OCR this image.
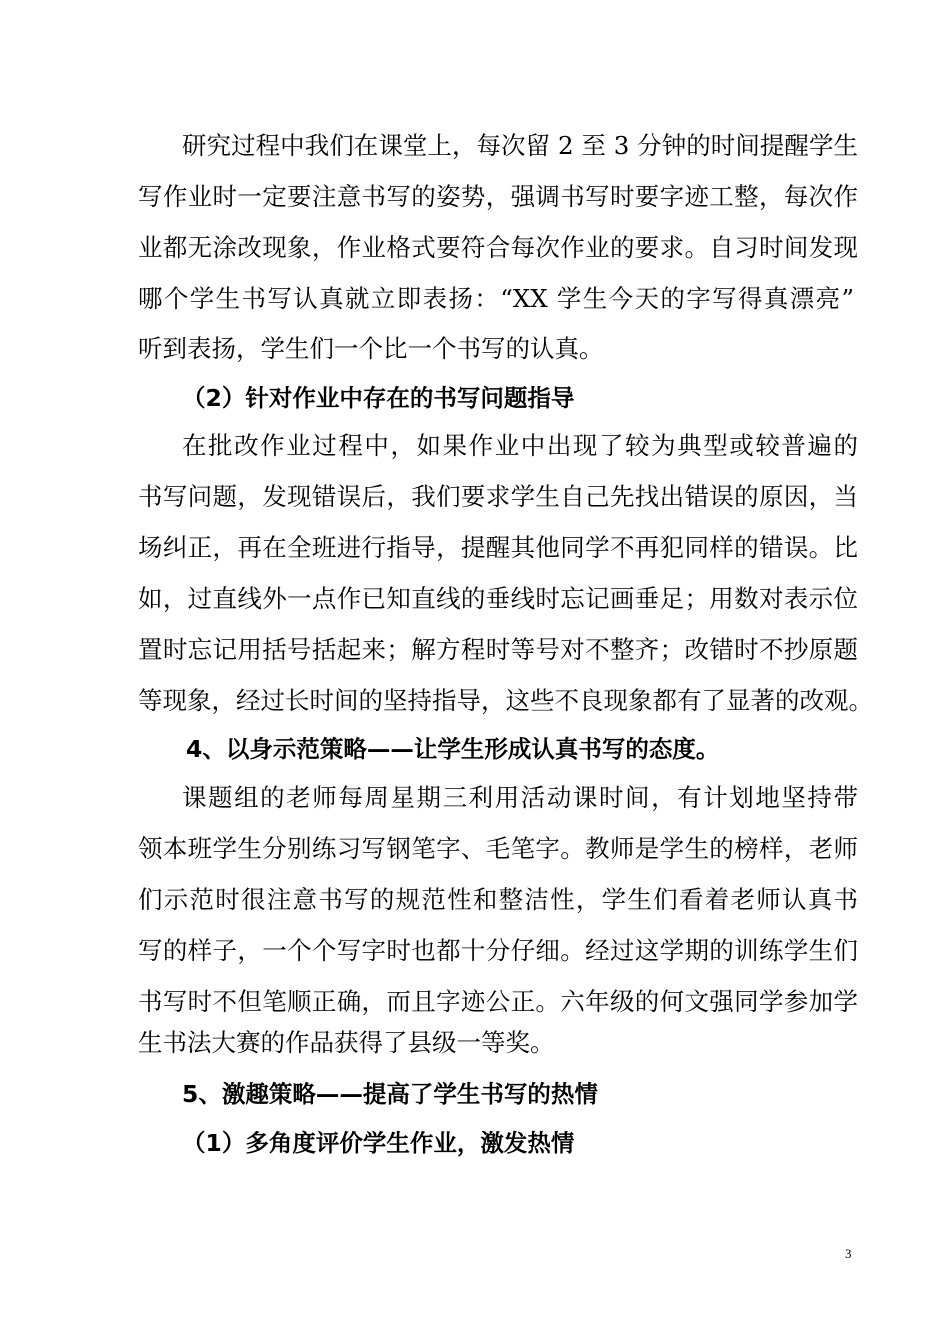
研究过程中我们在课堂上，每次留 2 至 3 分钟的时间提醒学生
写作业时一定要注意书写的姿势，强调书写时要字迹工整，每次作
业都无涂改现象，作业格式要符合每次作业的要求。自习时间发现
哪个学生书写认真就立即表扬：“XX 学生今天的字写得真漂亮”
听到表扬，学生们一个比一个书写的认真。
（2）针对作业中存在的书写问题指导
在批改作业过程中，如果作业中出现了较为典型或较普遍的
书写问题，发现错误后，我们要求学生自己先找出错误的原因，当
场纠正，再在全班进行指导，提醒其他同学不再犯同样的错误。比
如，过直线外一点作已知直线的垂线时忘记画垂足；用数对表示位
置时忘记用括号括起来；解方程时等号对不整齐；改错时不抄原题
等现象，经过长时间的坚持指导，这些不良现象都有了显著的改观。
4、以身示范策略——让学生形成认真书写的态度。
课题组的老师每周星期三利用活动课时间，有计划地坚持带
领本班学生分别练习写钢笔字、毛笔字。教师是学生的榜样，老师
们示范时很注意书写的规范性和整洁性，学生们看着老师认真书
写的样子，一个个写字时也都十分仔细。经过这学期的训练学生们
书写时不但笔顺正确，而且字迹公正。六年级的何文强同学参加学
生书法大赛的作品获得了县级一等奖。
5、激趣策略——提高了学生书写的热情
（1）多角度评价学生作业，激发热情
3
